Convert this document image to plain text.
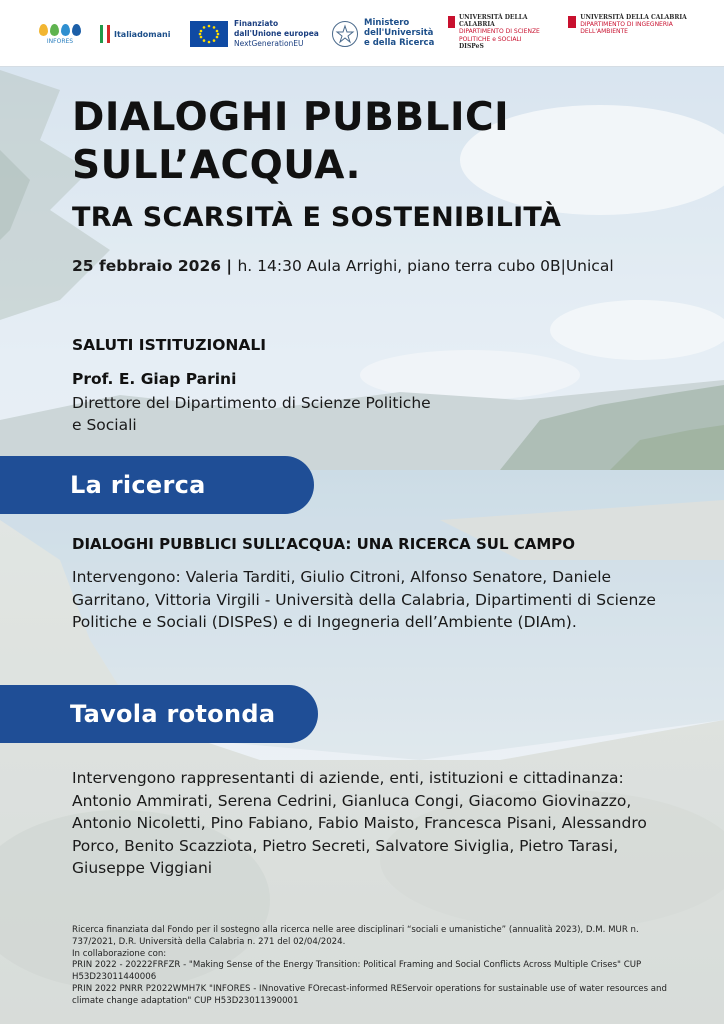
INFORES
Italiadomani
Finanziato
dall'Unione europea
NextGenerationEU
Ministero
dell'Università
e della Ricerca
UNIVERSITÀ DELLA CALABRIA
DIPARTIMENTO DI SCIENZE POLITICHE e SOCIALI
DISPeS
UNIVERSITÀ DELLA CALABRIA
DIPARTIMENTO DI INGEGNERIA DELL'AMBIENTE
DIALOGHI PUBBLICI
SULL’ACQUA.
TRA SCARSITÀ E SOSTENIBILITÀ
25 febbraio 2026 | h. 14:30 Aula Arrighi, piano terra cubo 0B|Unical
SALUTI ISTITUZIONALI
Prof. E. Giap Parini
Direttore del Dipartimento di Scienze Politiche e Sociali
La ricerca
DIALOGHI PUBBLICI SULL’ACQUA: UNA RICERCA SUL CAMPO
Intervengono: Valeria Tarditi, Giulio Citroni, Alfonso Senatore, Daniele Garritano, Vittoria Virgili - Università della Calabria, Dipartimenti di Scienze Politiche e Sociali (DISPeS) e di Ingegneria dell’Ambiente (DIAm).
Tavola rotonda
Intervengono rappresentanti di aziende, enti, istituzioni e cittadinanza: Antonio Ammirati, Serena Cedrini, Gianluca Congi, Giacomo Giovinazzo, Antonio Nicoletti, Pino Fabiano, Fabio Maisto, Francesca Pisani, Alessandro Porco, Benito Scazziota, Pietro Secreti, Salvatore Siviglia, Pietro Tarasi, Giuseppe Viggiani
Ricerca finanziata dal Fondo per il sostegno alla ricerca nelle aree disciplinari “sociali e umanistiche” (annualità 2023), D.M. MUR n. 737/2021, D.R. Università della Calabria n. 271 del 02/04/2024.
In collaborazione con:
PRIN 2022 - 20222FRFZR - "Making Sense of the Energy Transition: Political Framing and Social Conflicts Across Multiple Crises" CUP H53D23011440006
PRIN 2022 PNRR P2022WMH7K "INFORES - INnovative FOrecast-informed REServoir operations for sustainable use of water resources and climate change adaptation" CUP H53D23011390001
